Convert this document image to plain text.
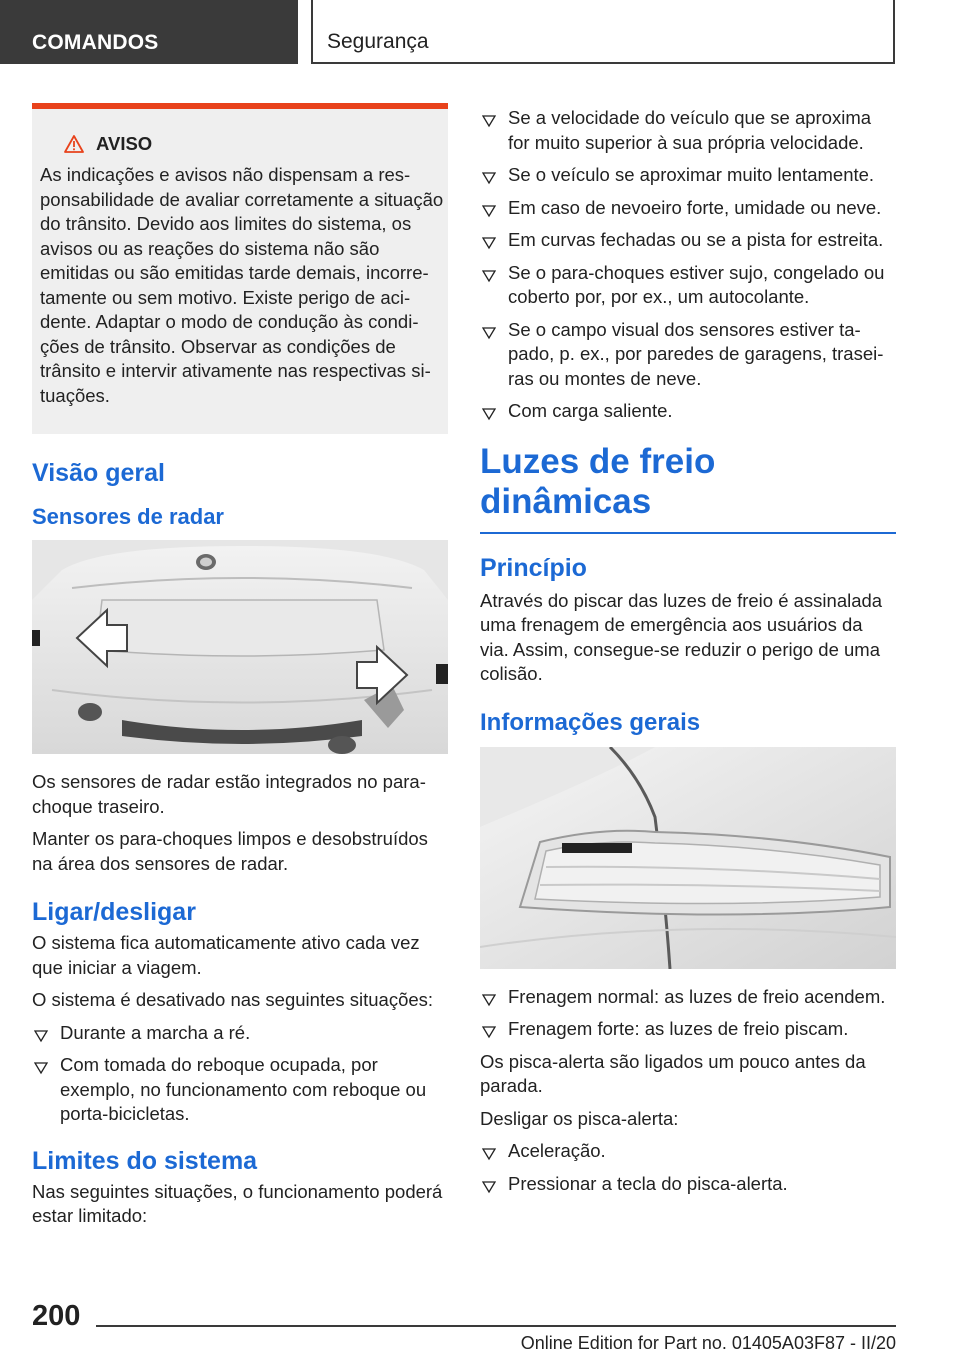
COMANDOS	Segurança
AVISO
As indicações e avisos não dispensam a responsabilidade de avaliar corretamente a situação do trânsito. Devido aos limites do sistema, os avisos ou as reações do sistema não são emitidas ou são emitidas tarde demais, incorretamente ou sem motivo. Existe perigo de acidente. Adaptar o modo de condução às condições de trânsito. Observar as condições de trânsito e intervir ativamente nas respectivas situações.
Visão geral
Sensores de radar

Os sensores de radar estão integrados no para-choque traseiro.

Manter os para-choques limpos e desobstruídos na área dos sensores de radar.

Ligar/desligar

O sistema fica automaticamente ativo cada vez que iniciar a viagem.

O sistema é desativado nas seguintes situações:

Durante a marcha a ré.
Com tomada do reboque ocupada, por exemplo, no funcionamento com reboque ou porta-bicicletas.
Limites do sistema

Nas seguintes situações, o funcionamento poderá estar limitado:

Se a velocidade do veículo que se aproxima for muito superior à sua própria velocidade.
Se o veículo se aproximar muito lentamente.
Em caso de nevoeiro forte, umidade ou neve.
Em curvas fechadas ou se a pista for estreita.
Se o para-choques estiver sujo, congelado ou coberto por, por ex., um autocolante.
Se o campo visual dos sensores estiver tapado, p. ex., por paredes de garagens, traseiras ou montes de neve.
Com carga saliente.
Luzes de freio dinâmicas
Princípio

Através do piscar das luzes de freio é assinalada uma frenagem de emergência aos usuários da via. Assim, consegue-se reduzir o perigo de uma colisão.

Informações gerais
Frenagem normal: as luzes de freio acendem.
Frenagem forte: as luzes de freio piscam.

Os pisca-alerta são ligados um pouco antes da parada.

Desligar os pisca-alerta:

Aceleração.
Pressionar a tecla do pisca-alerta.
200
Online Edition for Part no. 01405A03F87 - II/20
